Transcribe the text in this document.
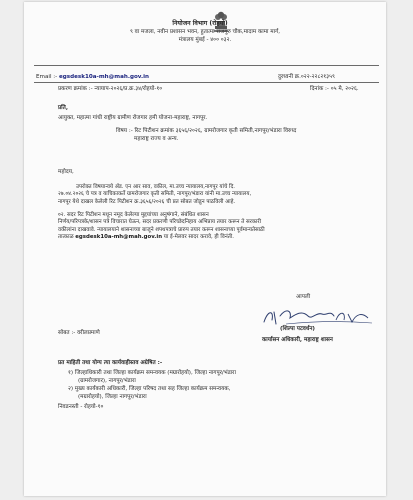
नियोजन विभाग (रोहयो)
९ वा मजला, नवीन प्रशासन भवन, हुतात्मा राजगुरु चौक,मादाम कामा मार्ग,
मंत्रालय मुंबई - ४०० ०३२.
Email :- egsdesk10a-mh@mah.gov.in	दुरध्वनी क्र.०२२-२२८२१३५९
प्रकरण क्रमांक :- न्यायाप-२०२६/प्र.क्र.३४/रोहयो-१०	दिनांक :- ०५ मे, २०२६.
प्रति,
आयुक्त, महात्मा गांधी राष्ट्रीय ग्रामीण रोजगार हमी योजना-महाराष्ट्र, नागपूर.
विषय :- रिट पिटीशन क्रमांक ३६५६/२०२६, ग्रामरोजगार कृती समिती,नागपूर/भंडारा विरुध्द
महाराष्ट्र राज्य व अन्य.
महोदय,

उपरोक्त विषयान्वये ॲड. एन आर साव, वकील, मा.उच्च न्यायालय,नागपूर यांचे दि.

२७.०४.२०२६ चे पत्र व याचिकाकर्ते ग्रामरोजगार कृती समिती, नागपूर/भंडारा यांनी मा.उच्च न्यायालय,

नागपूर येथे दाखल केलेली रिट पिटीशन क्र.३६५६/२०२६ ची प्रत सोबत जोडून पाठविली आहे.

०२. सदर रिट पिटीशन मधून नमूद केलेल्या मुद्दयांच्या अनुषंगाने, संबंधित शासन

निर्णय/परिपत्रके/शासन पत्रे विचारात घेऊन, सदर प्रकरणी परिच्छेदनिहाय अभिप्राय तयार करून ते सरकारी

वकीलांना दाखवावे. न्यायालयाने शासनाच्या बाजूने शपथपत्राचे प्रारुप तयार करून शासनाच्या पूर्वमान्यतेसाठी

तात्काळ egsdesk10a-mh@mah.gov.in या ई-मेलवर सादर करावे, ही विनंती.

आपली
(शिल्पा पटवर्धन)
कार्यासन अधिकारी, महाराष्ट्र शासन
सोबत :- वरीलप्रमाणे
प्रत माहिती तथा योग्य त्या कार्यवाहीस्तव अग्रेषित :-
१) जिल्हाधिकारी तथा जिल्हा कार्यक्रम समन्वयक (मग्रारोहयो), जिल्हा नागपूर/भंडारा
(ग्रामरोजगार), नागपूर/भंडारा
२) मुख्य कार्यकारी अधिकारी, जिल्हा परिषद तथा सह जिल्हा कार्यक्रम समन्वयक,
(मग्रारोहयो), जिल्हा नागपूर/भंडारा
निवडनस्ती - रोहयो-१०
